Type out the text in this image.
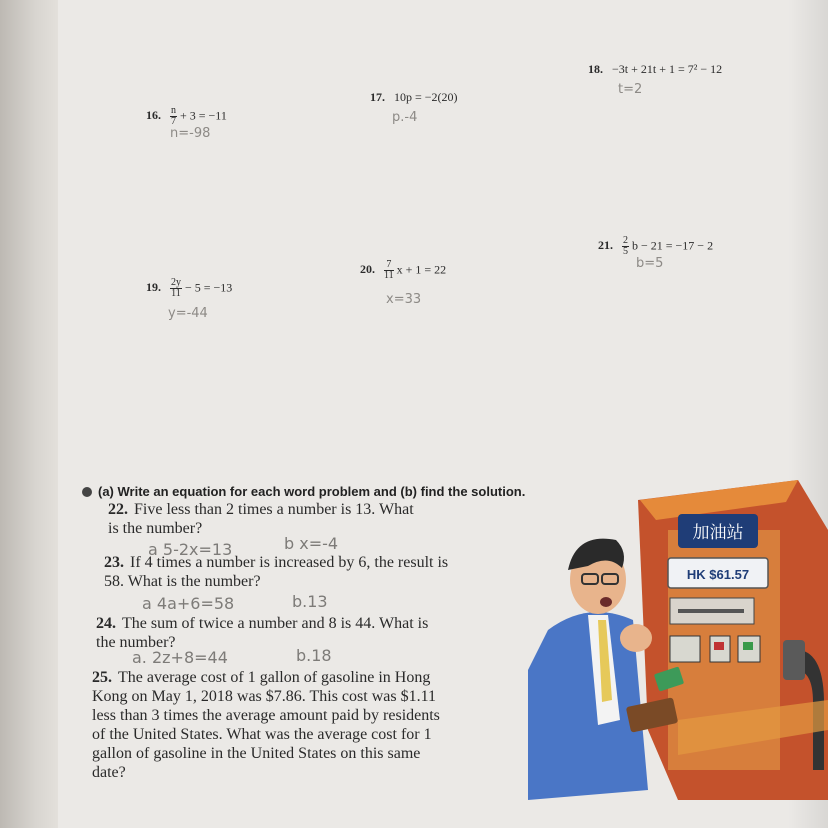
16. $\frac{n}{7} + 3 = -11$
n=-98
17. 10p = −2(20)
p.-4
18. −3t + 21t + 1 = 7² − 12
t=2
19. $\frac{2y}{11} - 5 = -13$
y=-44
20. $\frac{7}{11}$ x + 1 = 22
x=33
21. $\frac{2}{5}$ b − 21 = −17 − 2
b=5
(a) Write an equation for each word problem and (b) find the solution.
22. Five less than 2 times a number is 13. What is the number?
a 5-2x=13	b x=-4
23. If 4 times a number is increased by 6, the result is 58. What is the number?
a 4a+6=58	b.13
24. The sum of twice a number and 8 is 44. What is the number?
a. 2z+8=44	b.18
25. The average cost of 1 gallon of gasoline in Hong Kong on May 1, 2018 was $7.86. This cost was $1.11 less than 3 times the average amount paid by residents of the United States. What was the average cost for 1 gallon of gasoline in the United States on this same date?
加油站
HK $61.57
